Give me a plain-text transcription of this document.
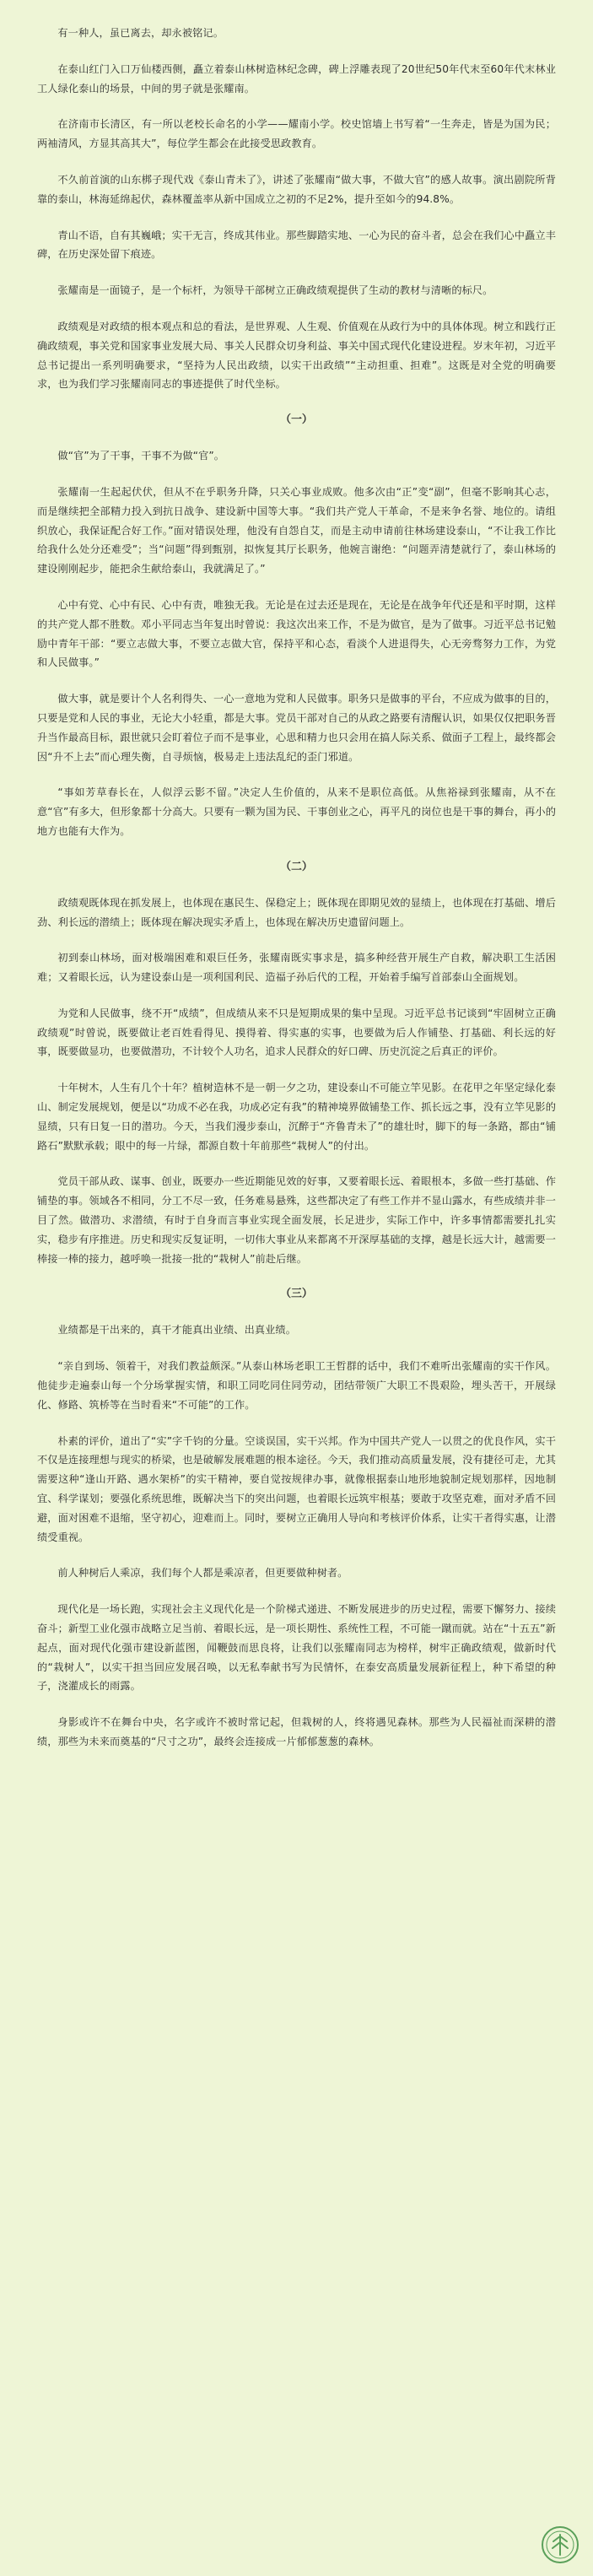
有一种人，虽已离去，却永被铭记。

在泰山红门入口万仙楼西侧，矗立着泰山林树造林纪念碑，碑上浮雕表现了20世纪50年代末至60年代末林业工人绿化泰山的场景，中间的男子就是张耀南。

在济南市长清区，有一所以老校长命名的小学——耀南小学。校史馆墙上书写着“一生奔走，皆是为国为民；两袖清风，方显其高其大”，每位学生都会在此接受思政教育。

不久前首演的山东梆子现代戏《泰山青未了》，讲述了张耀南“做大事，不做大官”的感人故事。演出剧院所背靠的泰山，林海延绵起伏，森林覆盖率从新中国成立之初的不足2%，提升至如今的94.8%。

青山不语，自有其巍峨；实干无言，终成其伟业。那些脚踏实地、一心为民的奋斗者，总会在我们心中矗立丰碑，在历史深处留下痕迹。

张耀南是一面镜子，是一个标杆，为领导干部树立正确政绩观提供了生动的教材与清晰的标尺。

政绩观是对政绩的根本观点和总的看法，是世界观、人生观、价值观在从政行为中的具体体现。树立和践行正确政绩观，事关党和国家事业发展大局、事关人民群众切身利益、事关中国式现代化建设进程。岁末年初，习近平总书记提出一系列明确要求，“坚持为人民出政绩，以实干出政绩”“主动担重、担难”。这既是对全党的明确要求，也为我们学习张耀南同志的事迹提供了时代坐标。

（一）

做“官”为了干事，干事不为做“官”。

张耀南一生起起伏伏，但从不在乎职务升降，只关心事业成败。他多次由“正”变“副”，但毫不影响其心志，而是继续把全部精力投入到抗日战争、建设新中国等大事。“我们共产党人干革命，不是来争名誉、地位的。请组织放心，我保证配合好工作。”面对错误处理，他没有自怨自艾，而是主动申请前往林场建设泰山，“不让我工作比给我什么处分还难受”；当“问题”得到甄别，拟恢复其厅长职务，他婉言谢绝：“问题弄清楚就行了，泰山林场的建设刚刚起步，能把余生献给泰山，我就满足了。”

心中有党、心中有民、心中有责，唯独无我。无论是在过去还是现在，无论是在战争年代还是和平时期，这样的共产党人都不胜数。邓小平同志当年复出时曾说：我这次出来工作，不是为做官，是为了做事。习近平总书记勉励中青年干部：“要立志做大事，不要立志做大官，保持平和心态，看淡个人进退得失，心无旁骛努力工作，为党和人民做事。”

做大事，就是要计个人名利得失、一心一意地为党和人民做事。职务只是做事的平台，不应成为做事的目的，只要是党和人民的事业，无论大小轻重，都是大事。党员干部对自己的从政之路要有清醒认识，如果仅仅把职务晋升当作最高目标，跟世就只会盯着位子而不是事业，心思和精力也只会用在搞人际关系、做面子工程上，最终都会因“升不上去”而心理失衡，自寻烦恼，极易走上违法乱纪的歪门邪道。

“事如芳草春长在，人似浮云影不留。”决定人生价值的，从来不是职位高低。从焦裕禄到张耀南，从不在意“官”有多大，但形象都十分高大。只要有一颗为国为民、干事创业之心，再平凡的岗位也是干事的舞台，再小的地方也能有大作为。

（二）

政绩观既体现在抓发展上，也体现在惠民生、保稳定上；既体现在即期见效的显绩上，也体现在打基础、增后劲、利长远的潜绩上；既体现在解决现实矛盾上，也体现在解决历史遗留问题上。

初到泰山林场，面对极端困难和艰巨任务，张耀南既实事求是，搞多种经营开展生产自救，解决职工生活困难；又着眼长远，认为建设泰山是一项利国利民、造福子孙后代的工程，开始着手编写首部泰山全面规划。

为党和人民做事，绕不开“成绩”，但成绩从来不只是短期成果的集中呈现。习近平总书记谈到“牢固树立正确政绩观”时曾说，既要做让老百姓看得见、摸得着、得实惠的实事，也要做为后人作铺垫、打基础、利长远的好事，既要做显功，也要做潜功，不计较个人功名，追求人民群众的好口碑、历史沉淀之后真正的评价。

十年树木，人生有几个十年？植树造林不是一朝一夕之功，建设泰山不可能立竿见影。在花甲之年坚定绿化泰山、制定发展规划，便是以“功成不必在我，功成必定有我”的精神境界做铺垫工作、抓长远之事，没有立竿见影的显绩，只有日复一日的潜功。今天，当我们漫步泰山，沉醉于“齐鲁青未了”的雄壮时，脚下的每一条路，都由“铺路石”默默承载；眼中的每一片绿，都源自数十年前那些“栽树人”的付出。

党员干部从政、谋事、创业，既要办一些近期能见效的好事，又要着眼长远、着眼根本，多做一些打基础、作铺垫的事。领域各不相同，分工不尽一致，任务难易悬殊，这些都决定了有些工作并不显山露水，有些成绩并非一目了然。做潜功、求潜绩，有时于自身而言事业实现全面发展，长足进步，实际工作中，许多事情都需要扎扎实实，稳步有序推进。历史和现实反复证明，一切伟大事业从来都离不开深厚基础的支撑，越是长远大计，越需要一棒接一棒的接力，越呼唤一批接一批的“栽树人”前赴后继。

（三）

业绩都是干出来的，真干才能真出业绩、出真业绩。

“亲自到场、领着干，对我们教益颇深。”从泰山林场老职工王哲群的话中，我们不难听出张耀南的实干作风。他徒步走遍泰山每一个分场掌握实情，和职工同吃同住同劳动，团结带领广大职工不畏艰险，埋头苦干，开展绿化、修路、筑桥等在当时看来“不可能”的工作。

朴素的评价，道出了“实”字千钧的分量。空谈误国，实干兴邦。作为中国共产党人一以贯之的优良作风，实干不仅是连接理想与现实的桥梁，也是破解发展难题的根本途径。今天，我们推动高质量发展，没有捷径可走，尤其需要这种“逢山开路、遇水架桥”的实干精神，要自觉按规律办事，就像根据泰山地形地貌制定规划那样，因地制宜、科学谋划；要强化系统思维，既解决当下的突出问题，也着眼长远筑牢根基；要敢于攻坚克难，面对矛盾不回避，面对困难不退缩，坚守初心，迎难而上。同时，要树立正确用人导向和考核评价体系，让实干者得实惠，让潜绩受重视。

前人种树后人乘凉，我们每个人都是乘凉者，但更要做种树者。

现代化是一场长跑，实现社会主义现代化是一个阶梯式递进、不断发展进步的历史过程，需要下懈努力、接续奋斗；新型工业化强市战略立足当前、着眼长远，是一项长期性、系统性工程，不可能一蹴而就。站在“十五五”新起点，面对现代化强市建设新蓝图，闻鞭鼓而思良将，让我们以张耀南同志为榜样，树牢正确政绩观，做新时代的“栽树人”，以实干担当回应发展召唤，以无私奉献书写为民情怀，在泰安高质量发展新征程上，种下希望的种子，浇灌成长的雨露。

身影或许不在舞台中央，名字或许不被时常记起，但栽树的人，终将遇见森林。那些为人民福祉而深耕的潜绩，那些为未来而奠基的“尺寸之功”，最终会连接成一片郁郁葱葱的森林。
